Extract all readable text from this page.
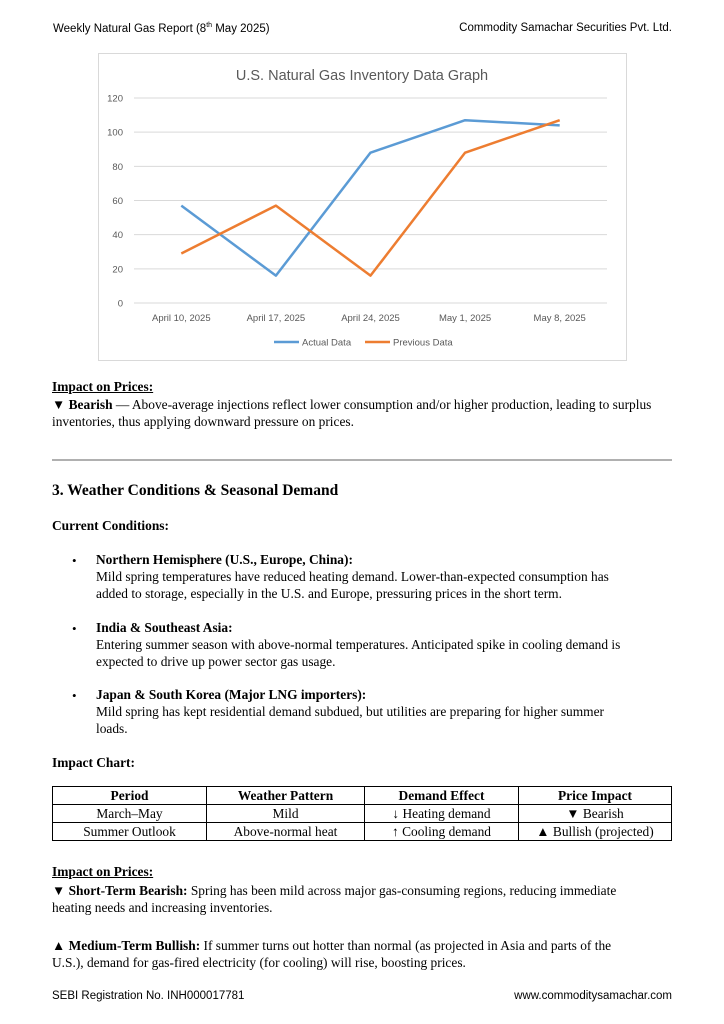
Weekly Natural Gas Report (8th May 2025)	Commodity Samachar Securities Pvt. Ltd.
U.S. Natural Gas Inventory Data Graph
0
20
40
60
80
100
120
April 10, 2025	April 17, 2025	April 24, 2025	May 1, 2025	May 8, 2025
Actual Data	Previous Data
Impact on Prices:
▼ Bearish — Above-average injections reflect lower consumption and/or higher production, leading to surplus inventories, thus applying downward pressure on prices.
3. Weather Conditions & Seasonal Demand
Current Conditions:
• Northern Hemisphere (U.S., Europe, China):
Mild spring temperatures have reduced heating demand. Lower-than-expected consumption has
added to storage, especially in the U.S. and Europe, pressuring prices in the short term.
• India & Southeast Asia:
Entering summer season with above-normal temperatures. Anticipated spike in cooling demand is
expected to drive up power sector gas usage.
• Japan & South Korea (Major LNG importers):
Mild spring has kept residential demand subdued, but utilities are preparing for higher summer
loads.
Impact Chart:
Period	Weather Pattern	Demand Effect	Price Impact
March–May	Mild	↓ Heating demand	▼ Bearish
Summer Outlook	Above-normal heat	↑ Cooling demand	▲ Bullish (projected)
Impact on Prices:
▼ Short-Term Bearish: Spring has been mild across major gas-consuming regions, reducing immediate
heating needs and increasing inventories.
▲ Medium-Term Bullish: If summer turns out hotter than normal (as projected in Asia and parts of the
U.S.), demand for gas-fired electricity (for cooling) will rise, boosting prices.
SEBI Registration No. INH000017781	www.commoditysamachar.com
